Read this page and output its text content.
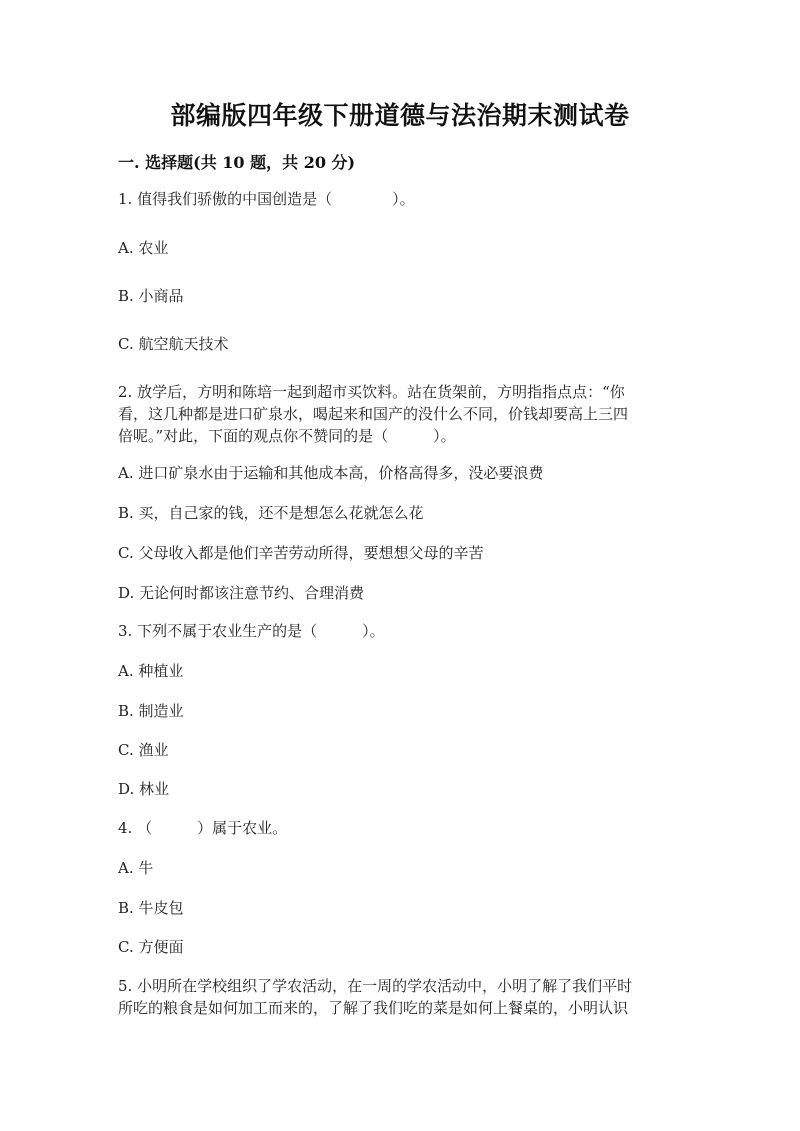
部编版四年级下册道德与法治期末测试卷
一. 选择题(共 10 题，共 20 分)
1. 值得我们骄傲的中国创造是（　　　　）。
A. 农业
B. 小商品
C. 航空航天技术
2. 放学后，方明和陈培一起到超市买饮料。站在货架前，方明指指点点：“你
看，这几种都是进口矿泉水，喝起来和国产的没什么不同，价钱却要高上三四
倍呢。”对此，下面的观点你不赞同的是（　　　）。
A. 进口矿泉水由于运输和其他成本高，价格高得多，没必要浪费
B. 买，自己家的钱，还不是想怎么花就怎么花
C. 父母收入都是他们辛苦劳动所得，要想想父母的辛苦
D. 无论何时都该注意节约、合理消费
3. 下列不属于农业生产的是（　　　）。
A. 种植业
B. 制造业
C. 渔业
D. 林业
4. （　　　）属于农业。
A. 牛
B. 牛皮包
C. 方便面
5. 小明所在学校组织了学农活动，在一周的学农活动中，小明了解了我们平时
所吃的粮食是如何加工而来的，了解了我们吃的菜是如何上餐桌的，小明认识
